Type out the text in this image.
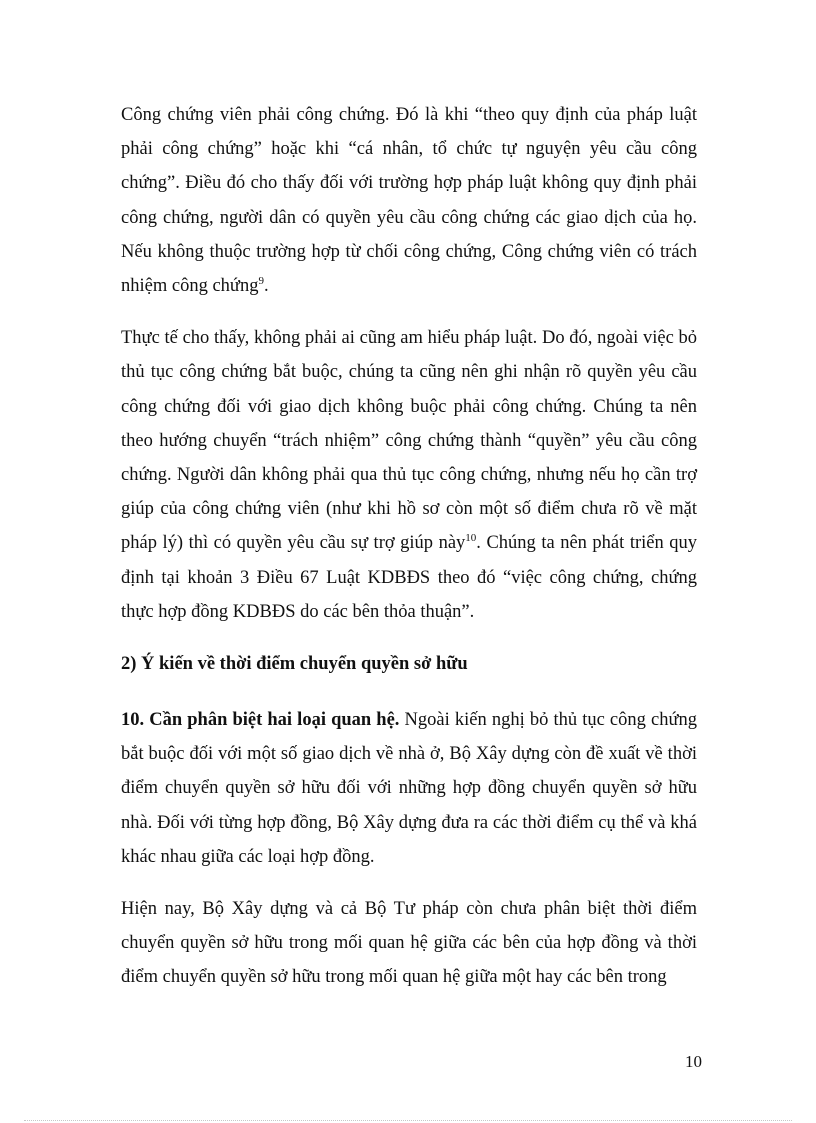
Công chứng viên phải công chứng. Đó là khi “theo quy định của pháp luật phải công chứng” hoặc khi “cá nhân, tổ chức tự nguyện yêu cầu công chứng”. Điều đó cho thấy đối với trường hợp pháp luật không quy định phải công chứng, người dân có quyền yêu cầu công chứng các giao dịch của họ. Nếu không thuộc trường hợp từ chối công chứng, Công chứng viên có trách nhiệm công chứng$^9$.

Thực tế cho thấy, không phải ai cũng am hiểu pháp luật. Do đó, ngoài việc bỏ thủ tục công chứng bắt buộc, chúng ta cũng nên ghi nhận rõ quyền yêu cầu công chứng đối với giao dịch không buộc phải công chứng. Chúng ta nên theo hướng chuyển “trách nhiệm” công chứng thành “quyền” yêu cầu công chứng. Người dân không phải qua thủ tục công chứng, nhưng nếu họ cần trợ giúp của công chứng viên (như khi hồ sơ còn một số điểm chưa rõ về mặt pháp lý) thì có quyền yêu cầu sự trợ giúp này$^{10}$. Chúng ta nên phát triển quy định tại khoản 3 Điều 67 Luật KDBĐS theo đó “việc công chứng, chứng thực hợp đồng KDBĐS do các bên thỏa thuận”.

2) Ý kiến về thời điểm chuyển quyền sở hữu

10. Cần phân biệt hai loại quan hệ. Ngoài kiến nghị bỏ thủ tục công chứng bắt buộc đối với một số giao dịch về nhà ở, Bộ Xây dựng còn đề xuất về thời điểm chuyển quyền sở hữu đối với những hợp đồng chuyển quyền sở hữu nhà. Đối với từng hợp đồng, Bộ Xây dựng đưa ra các thời điểm cụ thể và khá khác nhau giữa các loại hợp đồng.

Hiện nay, Bộ Xây dựng và cả Bộ Tư pháp còn chưa phân biệt thời điểm chuyển quyền sở hữu trong mối quan hệ giữa các bên của hợp đồng và thời điểm chuyển quyền sở hữu trong mối quan hệ giữa một hay các bên trong

10
